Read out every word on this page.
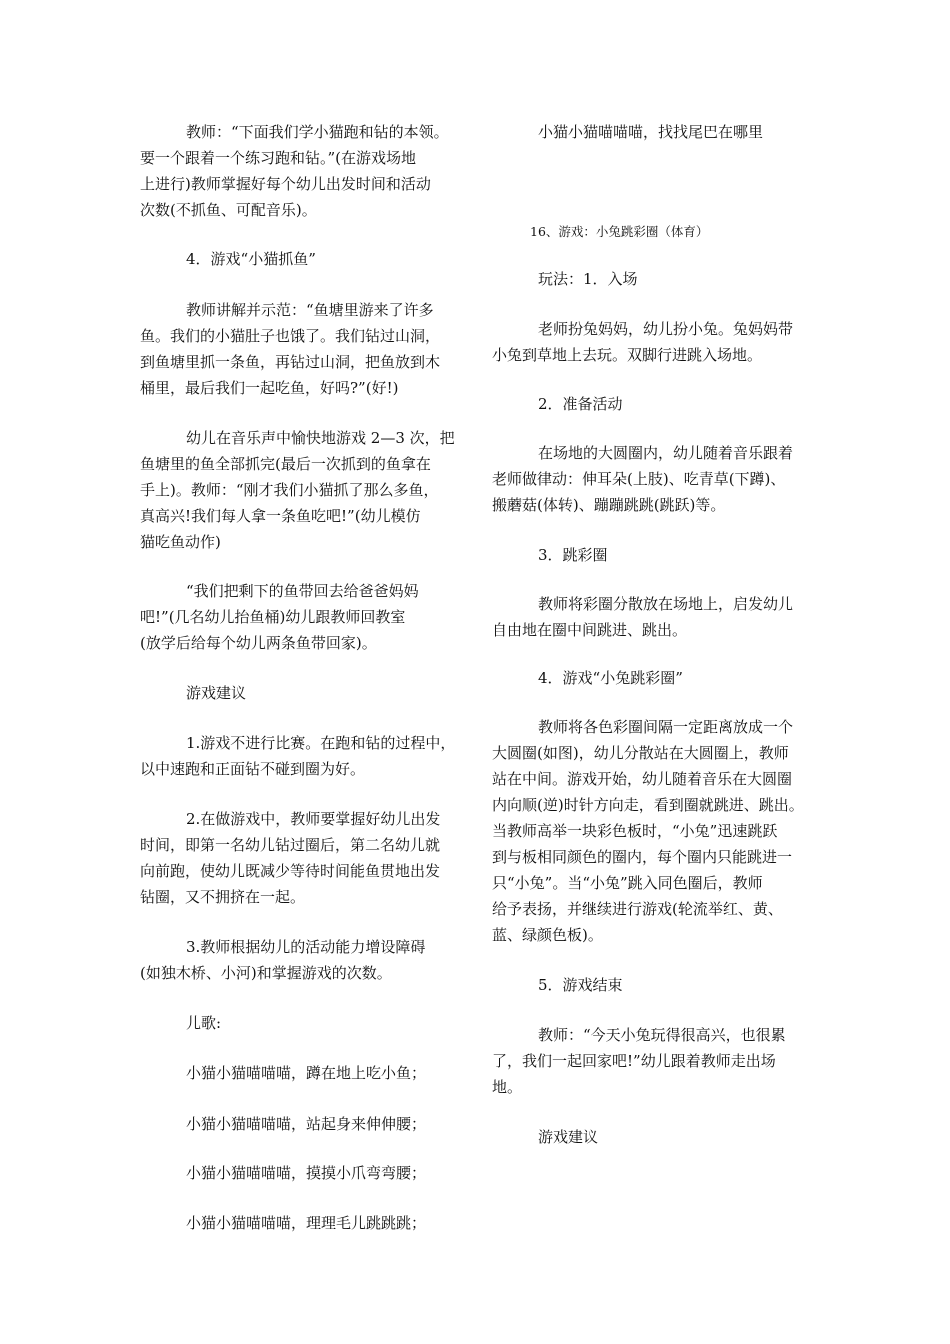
教师：“下面我们学小猫跑和钻的本领。
要一个跟着一个练习跑和钻。”(在游戏场地
上进行)教师掌握好每个幼儿出发时间和活动
次数(不抓鱼、可配音乐)。

4．游戏“小猫抓鱼”

教师讲解并示范：“鱼塘里游来了许多
鱼。我们的小猫肚子也饿了。我们钻过山洞，
到鱼塘里抓一条鱼，再钻过山洞，把鱼放到木
桶里，最后我们一起吃鱼，好吗?”(好!)

幼儿在音乐声中愉快地游戏 2—3 次，把
鱼塘里的鱼全部抓完(最后一次抓到的鱼拿在
手上)。教师：“刚才我们小猫抓了那么多鱼，
真高兴!我们每人拿一条鱼吃吧!”(幼儿模仿
猫吃鱼动作)

“我们把剩下的鱼带回去给爸爸妈妈
吧!”(几名幼儿抬鱼桶)幼儿跟教师回教室
(放学后给每个幼儿两条鱼带回家)。

游戏建议

1.游戏不进行比赛。在跑和钻的过程中，
以中速跑和正面钻不碰到圈为好。

2.在做游戏中，教师要掌握好幼儿出发
时间，即第一名幼儿钻过圈后，第二名幼儿就
向前跑，使幼儿既减少等待时间能鱼贯地出发
钻圈，又不拥挤在一起。

3.教师根据幼儿的活动能力增设障碍
(如独木桥、小河)和掌握游戏的次数。

儿歌:

小猫小猫喵喵喵，蹲在地上吃小鱼；

小猫小猫喵喵喵，站起身来伸伸腰；

小猫小猫喵喵喵，摸摸小爪弯弯腰；

小猫小猫喵喵喵，理理毛儿跳跳跳；

小猫小猫喵喵喵，找找尾巴在哪里

16、游戏：小兔跳彩圈（体育）

玩法：1．入场

老师扮兔妈妈，幼儿扮小兔。兔妈妈带
小兔到草地上去玩。双脚行进跳入场地。

2．准备活动

在场地的大圆圈内，幼儿随着音乐跟着
老师做律动：伸耳朵(上肢)、吃青草(下蹲)、
搬蘑菇(体转)、蹦蹦跳跳(跳跃)等。

3．跳彩圈

教师将彩圈分散放在场地上，启发幼儿
自由地在圈中间跳进、跳出。

4．游戏“小兔跳彩圈”

教师将各色彩圈间隔一定距离放成一个
大圆圈(如图)，幼儿分散站在大圆圈上，教师
站在中间。游戏开始，幼儿随着音乐在大圆圈
内向顺(逆)时针方向走，看到圈就跳进、跳出。
当教师高举一块彩色板时，“小兔”迅速跳跃
到与板相同颜色的圈内，每个圈内只能跳进一
只“小兔”。当“小兔”跳入同色圈后，教师
给予表扬，并继续进行游戏(轮流举红、黄、
蓝、绿颜色板)。

5．游戏结束

教师：“今天小兔玩得很高兴，也很累
了，我们一起回家吧!”幼儿跟着教师走出场
地。

游戏建议
